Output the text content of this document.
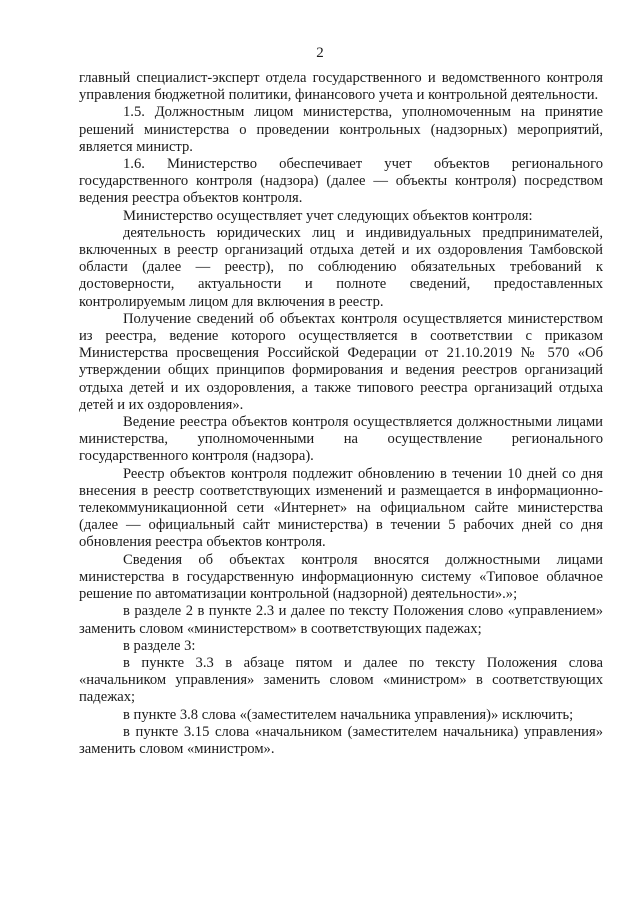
2

главный специалист-эксперт отдела государственного и ведомственного контроля управления бюджетной политики, финансового учета и контрольной деятельности.

1.5. Должностным лицом министерства, уполномоченным на принятие решений министерства о проведении контрольных (надзорных) мероприятий, является министр.

1.6. Министерство обеспечивает учет объектов регионального государственного контроля (надзора) (далее — объекты контроля) посредством ведения реестра объектов контроля.

Министерство осуществляет учет следующих объектов контроля:

деятельность юридических лиц и индивидуальных предпринимателей, включенных в реестр организаций отдыха детей и их оздоровления Тамбовской области (далее — реестр), по соблюдению обязательных требований к достоверности, актуальности и полноте сведений, предоставленных контролируемым лицом для включения в реестр.

Получение сведений об объектах контроля осуществляется министерством из реестра, ведение которого осуществляется в соответствии с приказом Министерства просвещения Российской Федерации от 21.10.2019 № 570 «Об утверждении общих принципов формирования и ведения реестров организаций отдыха детей и их оздоровления, а также типового реестра организаций отдыха детей и их оздоровления».

Ведение реестра объектов контроля осуществляется должностными лицами министерства, уполномоченными на осуществление регионального государственного контроля (надзора).

Реестр объектов контроля подлежит обновлению в течении 10 дней со дня внесения в реестр соответствующих изменений и размещается в информационно-телекоммуникационной сети «Интернет» на официальном сайте министерства (далее — официальный сайт министерства) в течении 5 рабочих дней со дня обновления реестра объектов контроля.

Сведения об объектах контроля вносятся должностными лицами министерства в государственную информационную систему «Типовое облачное решение по автоматизации контрольной (надзорной) деятельности».»;

в разделе 2 в пункте 2.3 и далее по тексту Положения слово «управлением» заменить словом «министерством» в соответствующих падежах;

в разделе 3:

в пункте 3.3 в абзаце пятом и далее по тексту Положения слова «начальником управления» заменить словом «министром» в соответствующих падежах;

в пункте 3.8 слова «(заместителем начальника управления)» исключить;

в пункте 3.15 слова «начальником (заместителем начальника) управления» заменить словом «министром».
